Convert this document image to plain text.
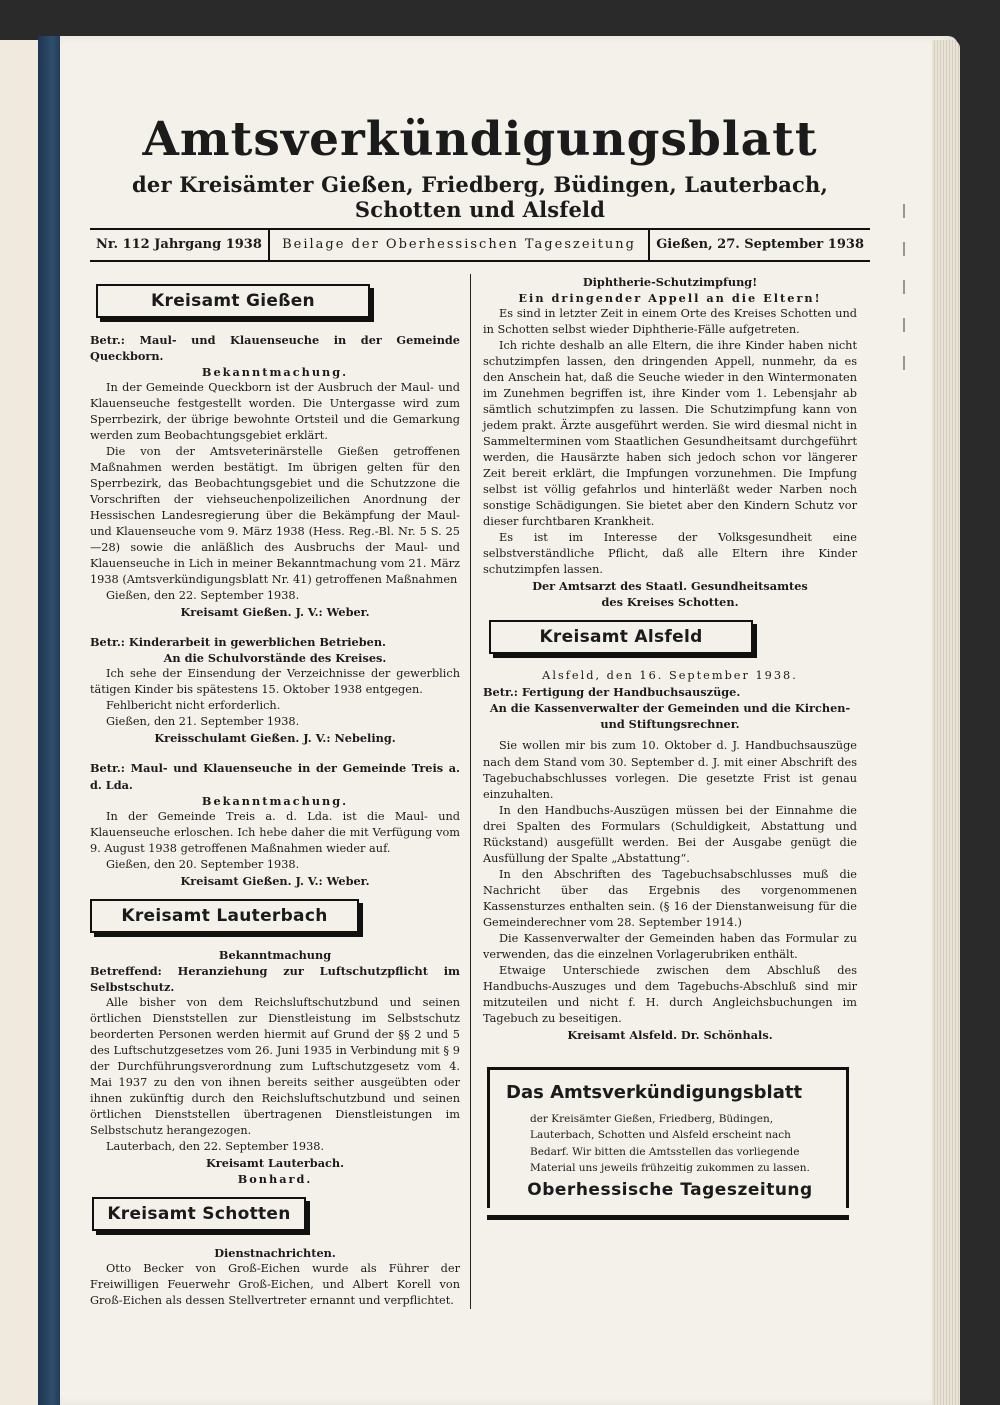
Amtsverkündigungsblatt
der Kreisämter Gießen, Friedberg, Büdingen, Lauterbach, Schotten und Alsfeld
Nr. 112 Jahrgang 1938	Beilage der Oberhessischen Tageszeitung	Gießen, 27. September 1938
Kreisamt Gießen

Betr.: Maul- und Klauenseuche in der Gemeinde Queckborn.

Bekanntmachung.

In der Gemeinde Queckborn ist der Ausbruch der Maul- und Klauenseuche festgestellt worden. Die Untergasse wird zum Sperrbezirk, der übrige bewohnte Ortsteil und die Gemarkung werden zum Beobachtungsgebiet erklärt.

Die von der Amtsveterinärstelle Gießen getroffenen Maßnahmen werden bestätigt. Im übrigen gelten für den Sperrbezirk, das Beobachtungsgebiet und die Schutzzone die Vorschriften der viehseuchenpolizeilichen Anordnung der Hessischen Landesregierung über die Bekämpfung der Maul- und Klauenseuche vom 9. März 1938 (Hess. Reg.-Bl. Nr. 5 S. 25—28) sowie die anläßlich des Ausbruchs der Maul- und Klauenseuche in Lich in meiner Bekanntmachung vom 21. März 1938 (Amtsverkündigungsblatt Nr. 41) getroffenen Maßnahmen

Gießen, den 22. September 1938.

Kreisamt Gießen. J. V.: Weber.

Betr.: Kinderarbeit in gewerblichen Betrieben.

An die Schulvorstände des Kreises.

Ich sehe der Einsendung der Verzeichnisse der gewerblich tätigen Kinder bis spätestens 15. Oktober 1938 entgegen.

Fehlbericht nicht erforderlich.

Gießen, den 21. September 1938.

Kreisschulamt Gießen. J. V.: Nebeling.

Betr.: Maul- und Klauenseuche in der Gemeinde Treis a. d. Lda.

Bekanntmachung.

In der Gemeinde Treis a. d. Lda. ist die Maul- und Klauenseuche erloschen. Ich hebe daher die mit Verfügung vom 9. August 1938 getroffenen Maßnahmen wieder auf.

Gießen, den 20. September 1938.

Kreisamt Gießen. J. V.: Weber.

Kreisamt Lauterbach

Bekanntmachung

Betreffend: Heranziehung zur Luftschutzpflicht im Selbstschutz.

Alle bisher von dem Reichsluftschutzbund und seinen örtlichen Dienststellen zur Dienstleistung im Selbstschutz beorderten Personen werden hiermit auf Grund der §§ 2 und 5 des Luftschutzgesetzes vom 26. Juni 1935 in Verbindung mit § 9 der Durchführungsverordnung zum Luftschutzgesetz vom 4. Mai 1937 zu den von ihnen bereits seither ausgeübten oder ihnen zukünftig durch den Reichsluftschutzbund und seinen örtlichen Dienststellen übertragenen Dienstleistungen im Selbstschutz herangezogen.

Lauterbach, den 22. September 1938.

Kreisamt Lauterbach.

Bonhard.

Kreisamt Schotten

Dienstnachrichten.

Otto Becker von Groß-Eichen wurde als Führer der Freiwilligen Feuerwehr Groß-Eichen, und Albert Korell von Groß-Eichen als dessen Stellvertreter ernannt und verpflichtet.

Diphtherie-Schutzimpfung!

Ein dringender Appell an die Eltern!

Es sind in letzter Zeit in einem Orte des Kreises Schotten und in Schotten selbst wieder Diphtherie-Fälle aufgetreten.

Ich richte deshalb an alle Eltern, die ihre Kinder haben nicht schutzimpfen lassen, den dringenden Appell, nunmehr, da es den Anschein hat, daß die Seuche wieder in den Wintermonaten im Zunehmen begriffen ist, ihre Kinder vom 1. Lebensjahr ab sämtlich schutzimpfen zu lassen. Die Schutzimpfung kann von jedem prakt. Ärzte ausgeführt werden. Sie wird diesmal nicht in Sammelterminen vom Staatlichen Gesundheitsamt durchgeführt werden, die Hausärzte haben sich jedoch schon vor längerer Zeit bereit erklärt, die Impfungen vorzunehmen. Die Impfung selbst ist völlig gefahrlos und hinterläßt weder Narben noch sonstige Schädigungen. Sie bietet aber den Kindern Schutz vor dieser furchtbaren Krankheit.

Es ist im Interesse der Volksgesundheit eine selbstverständliche Pflicht, daß alle Eltern ihre Kinder schutzimpfen lassen.

Der Amtsarzt des Staatl. Gesundheitsamtes

des Kreises Schotten.

Kreisamt Alsfeld

Alsfeld, den 16. September 1938.

Betr.: Fertigung der Handbuchsauszüge.

An die Kassenverwalter der Gemeinden und die Kirchen-

und Stiftungsrechner.

Sie wollen mir bis zum 10. Oktober d. J. Handbuchsauszüge nach dem Stand vom 30. September d. J. mit einer Abschrift des Tagebuchabschlusses vorlegen. Die gesetzte Frist ist genau einzuhalten.

In den Handbuchs-Auszügen müssen bei der Einnahme die drei Spalten des Formulars (Schuldigkeit, Abstattung und Rückstand) ausgefüllt werden. Bei der Ausgabe genügt die Ausfüllung der Spalte „Abstattung“.

In den Abschriften des Tagebuchsabschlusses muß die Nachricht über das Ergebnis des vorgenommenen Kassensturzes enthalten sein. (§ 16 der Dienstanweisung für die Gemeinderechner vom 28. September 1914.)

Die Kassenverwalter der Gemeinden haben das Formular zu verwenden, das die einzelnen Vorlagerubriken enthält.

Etwaige Unterschiede zwischen dem Abschluß des Handbuchs-Auszuges und dem Tagebuchs-Abschluß sind mir mitzuteilen und nicht f. H. durch Angleichsbuchungen im Tagebuch zu beseitigen.

Kreisamt Alsfeld. Dr. Schönhals.

Das Amtsverkündigungsblatt
der Kreisämter Gießen, Friedberg, Büdingen, Lauterbach, Schotten und Alsfeld erscheint nach Bedarf. Wir bitten die Amtsstellen das vorliegende Material uns jeweils frühzeitig zukommen zu lassen.
Oberhessische Tageszeitung
